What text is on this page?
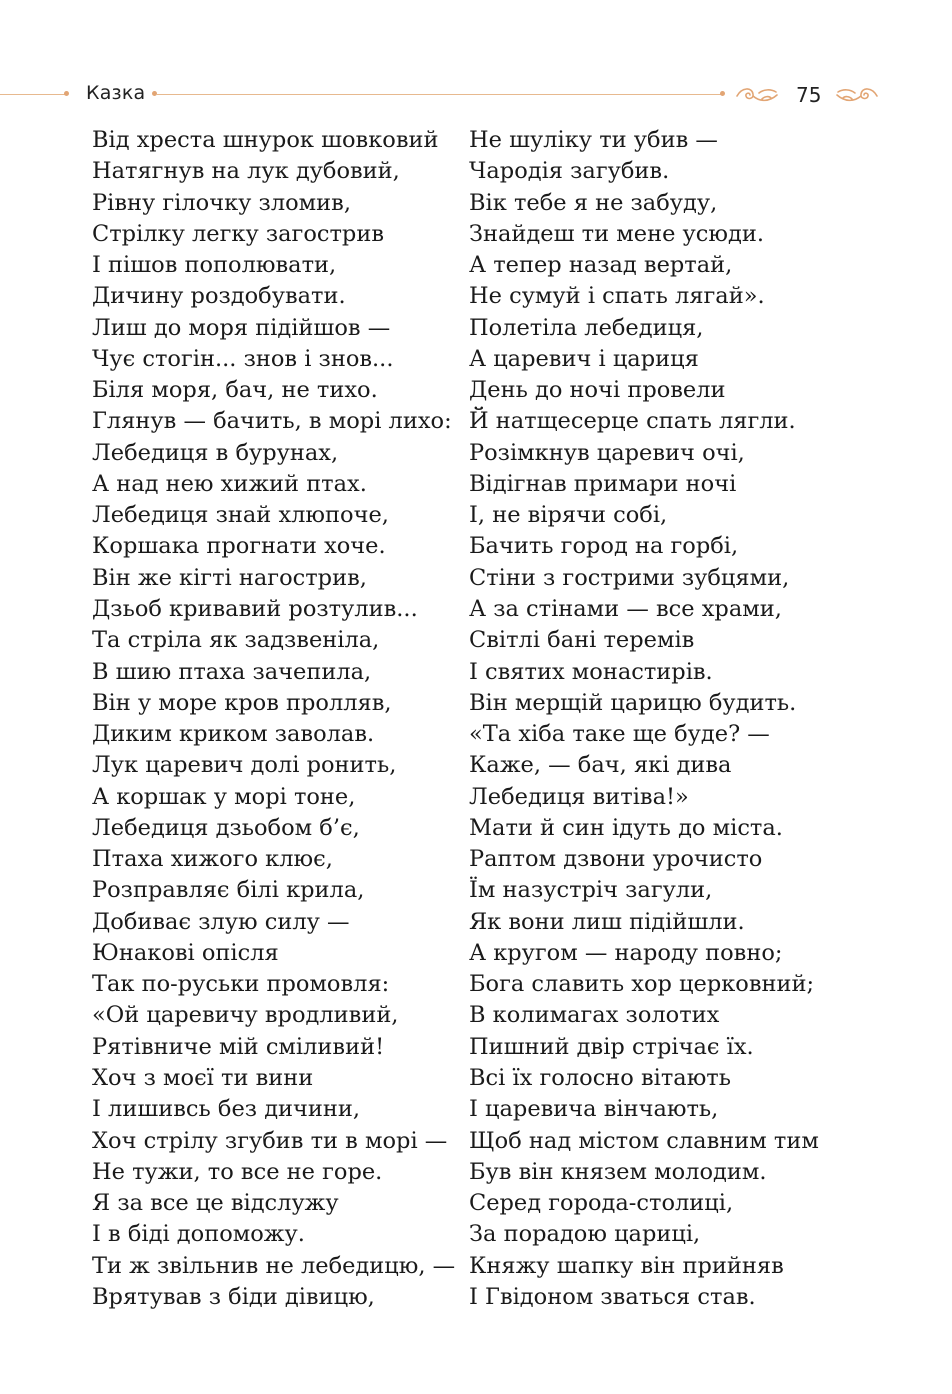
Казка	75
Від хреста шнурок шовковий
Натягнув на лук дубовий,
Рівну гілочку зломив,
Стрілку легку загострив
І пішов пополювати,
Дичину роздобувати.
Лиш до моря підійшов —
Чує стогін... знов і знов...
Біля моря, бач, не тихо.
Глянув — бачить, в морі лихо:
Лебедиця в бурунах,
А над нею хижий птах.
Лебедиця знай хлюпоче,
Коршака прогнати хоче.
Він же кігті нагострив,
Дзьоб кривавий розтулив...
Та стріла як задзвеніла,
В шию птаха зачепила,
Він у море кров пролляв,
Диким криком заволав.
Лук царевич долі ронить,
А коршак у морі тоне,
Лебедиця дзьобом б’є,
Птаха хижого клює,
Розправляє білі крила,
Добиває злую силу —
Юнакові опісля
Так по-руськи промовля:
«Ой царевичу вродливий,
Рятівниче мій сміливий!
Хоч з моєї ти вини
І лишивсь без дичини,
Хоч стрілу згубив ти в морі —
Не тужи, то все не горе.
Я за все це відслужу
І в біді допоможу.
Ти ж звільнив не лебедицю, —
Врятував з біди дівицю,
Не шуліку ти убив —
Чародія загубив.
Вік тебе я не забуду,
Знайдеш ти мене усюди.
А тепер назад вертай,
Не сумуй і спать лягай».
Полетіла лебедиця,
А царевич і цариця
День до ночі провели
Й натщесерце спать лягли.
Розімкнув царевич очі,
Відігнав примари ночі
І, не вірячи собі,
Бачить город на горбі,
Стіни з гострими зубцями,
А за стінами — все храми,
Світлі бані теремів
І святих монастирів.
Він мерщій царицю будить.
«Та хіба таке ще буде? —
Каже, — бач, які дива
Лебедиця витіва!»
Мати й син ідуть до міста.
Раптом дзвони урочисто
Їм назустріч загули,
Як вони лиш підійшли.
А кругом — народу повно;
Бога славить хор церковний;
В колимагах золотих
Пишний двір стрічає їх.
Всі їх голосно вітають
І царевича вінчають,
Щоб над містом славним тим
Був він князем молодим.
Серед города-столиці,
За порадою цариці,
Княжу шапку він прийняв
І Гвідоном зваться став.
